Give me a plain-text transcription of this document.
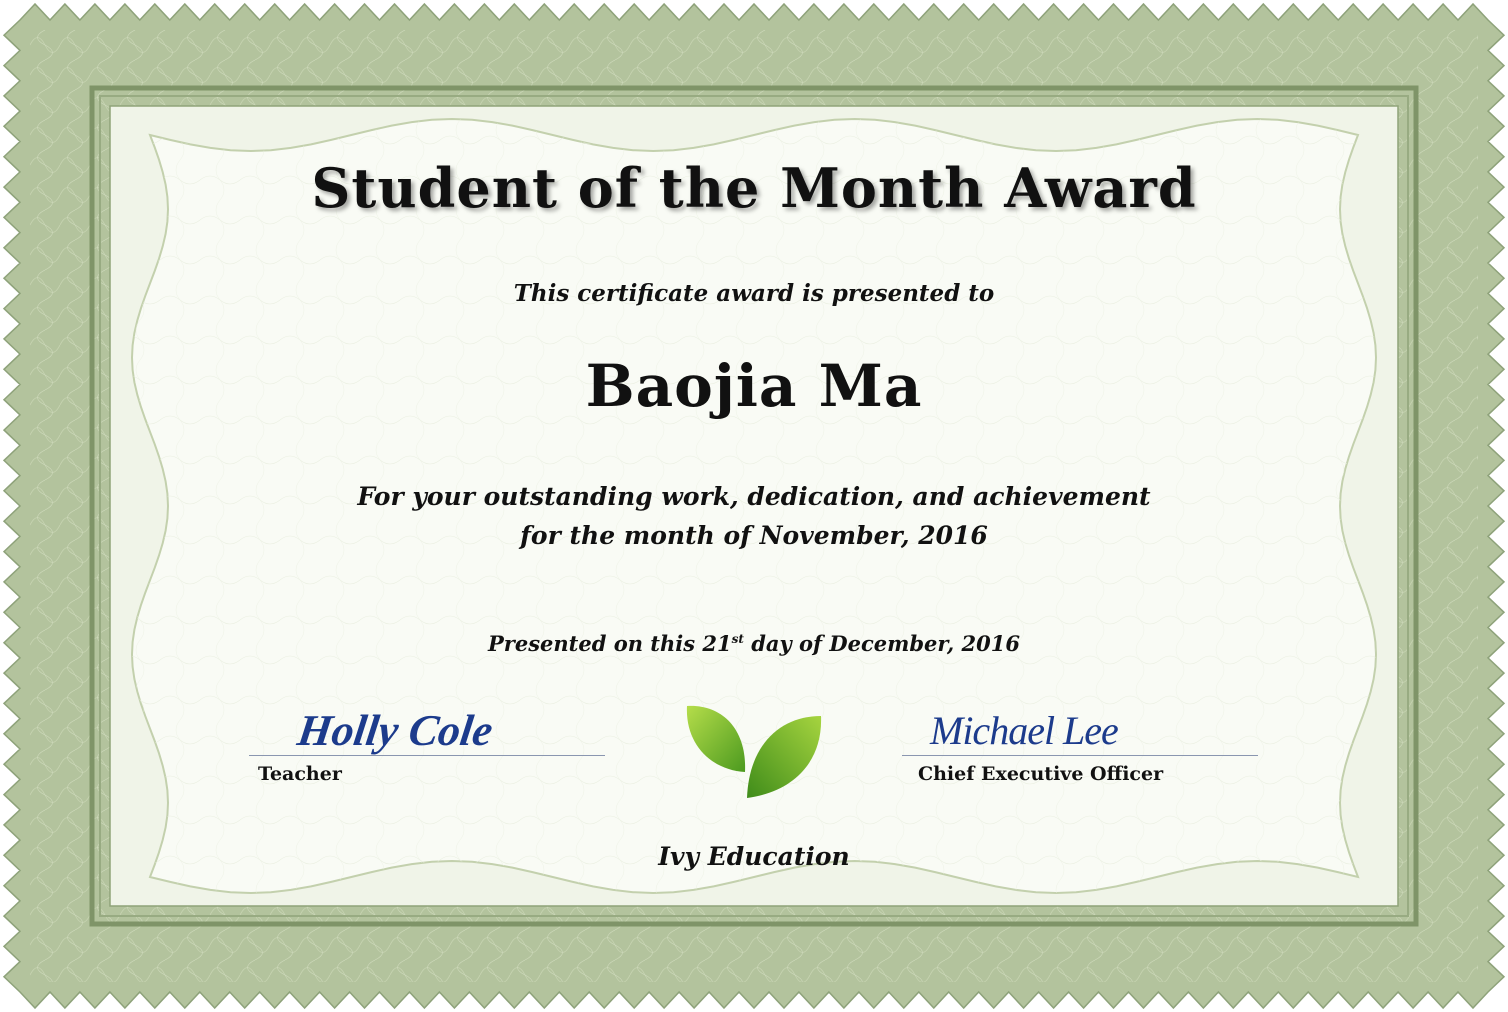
Student of the Month Award
This certificate award is presented to
Baojia Ma
For your outstanding work, dedication, and achievement
for the month of November, 2016
Presented on this 21st day of December, 2016
Holly Cole
Teacher
Michael Lee
Chief Executive Officer
Ivy Education
